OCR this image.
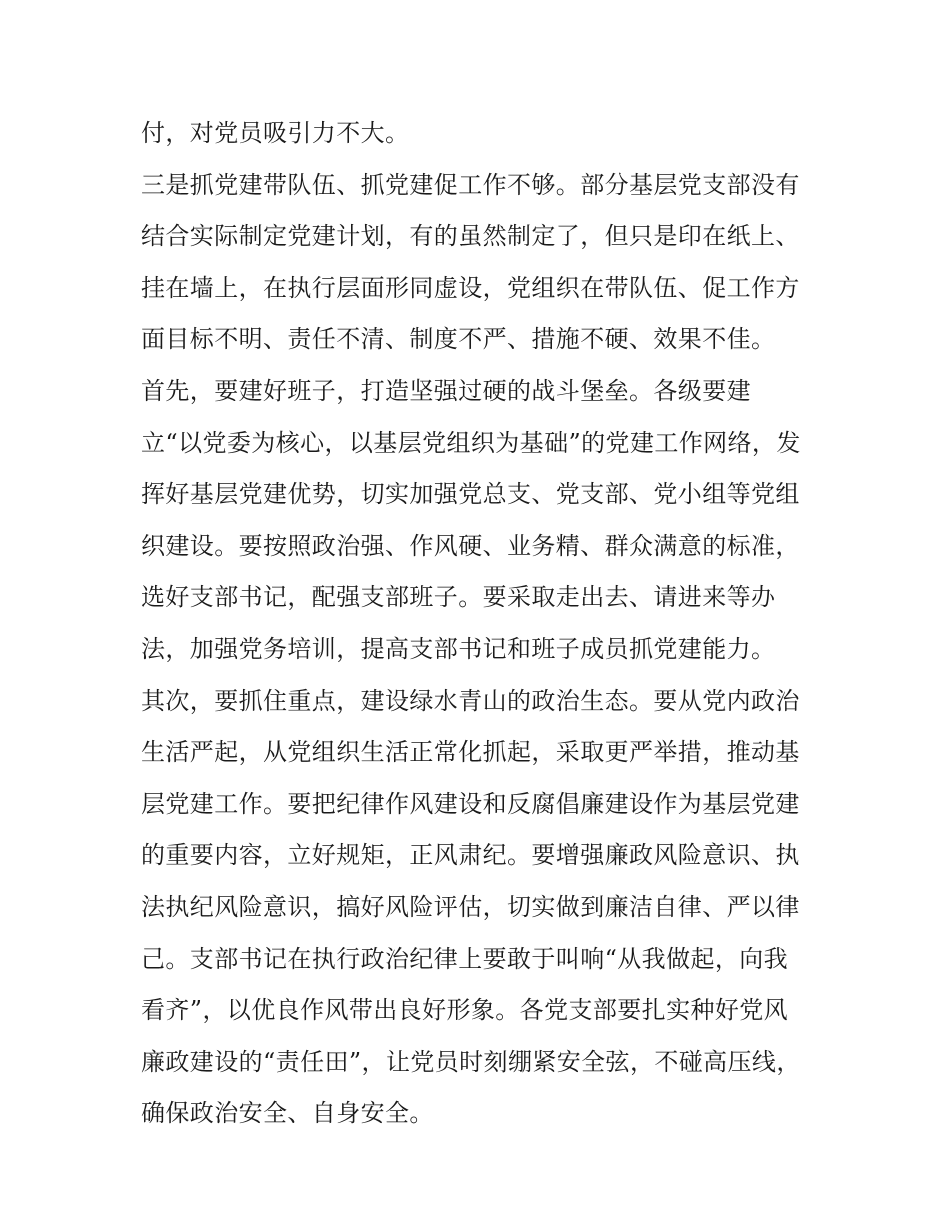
付，对党员吸引力不大。
三是抓党建带队伍、抓党建促工作不够。部分基层党支部没有
结合实际制定党建计划，有的虽然制定了，但只是印在纸上、
挂在墙上，在执行层面形同虚设，党组织在带队伍、促工作方
面目标不明、责任不清、制度不严、措施不硬、效果不佳。
首先，要建好班子，打造坚强过硬的战斗堡垒。各级要建
立“以党委为核心，以基层党组织为基础”的党建工作网络，发
挥好基层党建优势，切实加强党总支、党支部、党小组等党组
织建设。要按照政治强、作风硬、业务精、群众满意的标准，
选好支部书记，配强支部班子。要采取走出去、请进来等办
法，加强党务培训，提高支部书记和班子成员抓党建能力。
其次，要抓住重点，建设绿水青山的政治生态。要从党内政治
生活严起，从党组织生活正常化抓起，采取更严举措，推动基
层党建工作。要把纪律作风建设和反腐倡廉建设作为基层党建
的重要内容，立好规矩，正风肃纪。要增强廉政风险意识、执
法执纪风险意识，搞好风险评估，切实做到廉洁自律、严以律
己。支部书记在执行政治纪律上要敢于叫响“从我做起，向我
看齐”，以优良作风带出良好形象。各党支部要扎实种好党风
廉政建设的“责任田”，让党员时刻绷紧安全弦，不碰高压线，
确保政治安全、自身安全。
